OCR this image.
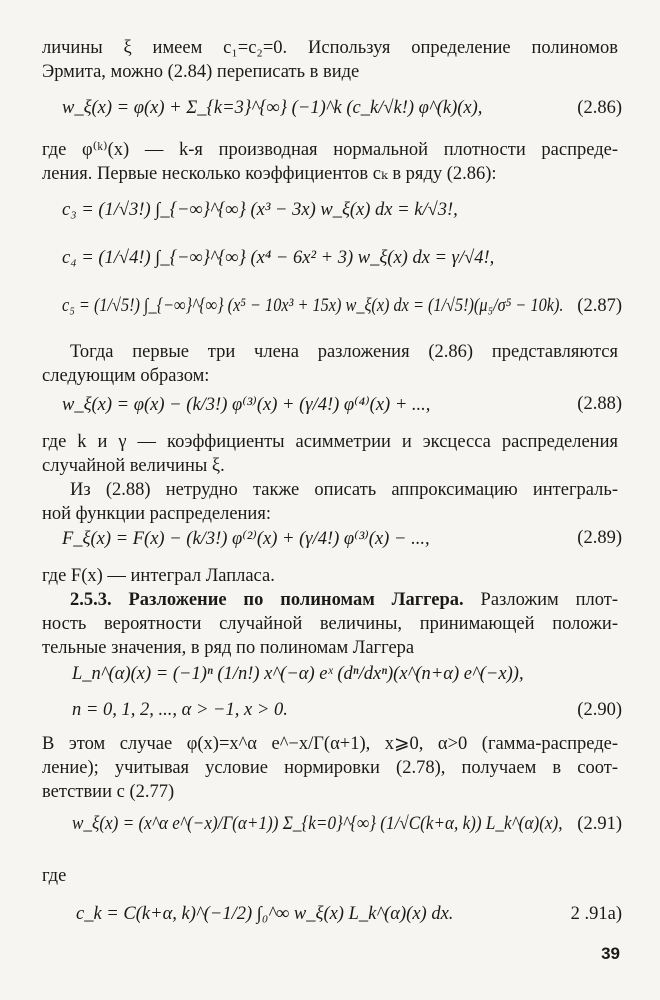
личины ξ имеем c₁=c₂=0. Используя определение полиномов
Эрмита, можно (2.84) переписать в виде
w_ξ(x) = φ(x) + Σ_{k=3}^{∞} (−1)^k (c_k/√k!) φ^(k)(x),	(2.86)
где φ⁽ᵏ⁾(x) — k-я производная нормальной плотности распреде-
ления. Первые несколько коэффициентов cₖ в ряду (2.86):
c₃ = (1/√3!) ∫_{−∞}^{∞} (x³ − 3x) w_ξ(x) dx = k/√3!,
c₄ = (1/√4!) ∫_{−∞}^{∞} (x⁴ − 6x² + 3) w_ξ(x) dx = γ/√4!,
c₅ = (1/√5!) ∫_{−∞}^{∞} (x⁵ − 10x³ + 15x) w_ξ(x) dx = (1/√5!)(μ₅/σ⁵ − 10k). (2.87)
Тогда первые три члена разложения (2.86) представляются
следующим образом:
w_ξ(x) = φ(x) − (k/3!) φ⁽³⁾(x) + (γ/4!) φ⁽⁴⁾(x) + ...,	(2.88)
где k и γ — коэффициенты асимметрии и эксцесса распределения
случайной величины ξ.
Из (2.88) нетрудно также описать аппроксимацию интеграль-
ной функции распределения:
F_ξ(x) = F(x) − (k/3!) φ⁽²⁾(x) + (γ/4!) φ⁽³⁾(x) − ...,	(2.89)
где F(x) — интеграл Лапласа.
2.5.3. Разложение по полиномам Лаггера. Разложим плот-
ность вероятности случайной величины, принимающей положи-
тельные значения, в ряд по полиномам Лаггера
L_n^(α)(x) = (−1)ⁿ (1/n!) x^(−α) eˣ (dⁿ/dxⁿ)(x^(n+α) e^(−x)),
n = 0, 1, 2, ..., α > −1, x > 0.	(2.90)
В этом случае φ(x)=x^α e^−x/Γ(α+1), x⩾0, α>0 (гамма-распреде-
ление); учитывая условие нормировки (2.78), получаем в соот-
ветствии с (2.77)
w_ξ(x) = (x^α e^(−x)/Γ(α+1)) Σ_{k=0}^{∞} (1/√C(k+α, k)) L_k^(α)(x), (2.91)
где
c_k = C(k+α, k)^(−1/2) ∫₀^∞ w_ξ(x) L_k^(α)(x) dx.	2 .91a)
39
